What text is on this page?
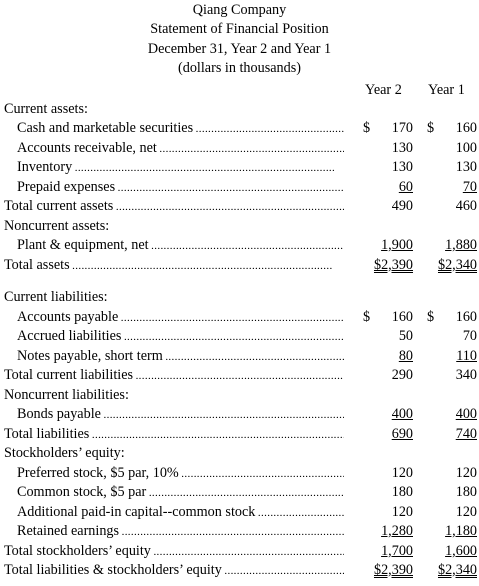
Qiang Company
Statement of Financial Position
December 31, Year 2 and Year 1
(dollars in thousands)
Year 2 Year 1
Current assets:
Cash and marketable securities . . .	$ 170 $ 160
Accounts receivable, net . . .	130	100
Inventory . . .	130	130
Prepaid expenses . . .	60	70
Total current assets . . .	490	460
Noncurrent assets:
Plant & equipment, net . . .	1,900	1,880
Total assets . . .	$2,390	$2,340
Current liabilities:
Accounts payable . . .	$ 160 $ 160
Accrued liabilities . . .	50	70
Notes payable, short term . . .	80	110
Total current liabilities . . .	290	340
Noncurrent liabilities:
Bonds payable . . .	400	400
Total liabilities . . .	690	740
Stockholders’ equity:
Preferred stock, $5 par, 10% . . .	120	120
Common stock, $5 par . . .	180	180
Additional paid-in capital--common stock . . .	120	120
Retained earnings . . .	1,280	1,180
Total stockholders’ equity . . .	1,700	1,600
Total liabilities & stockholders’ equity . . .	$2,390	$2,340
